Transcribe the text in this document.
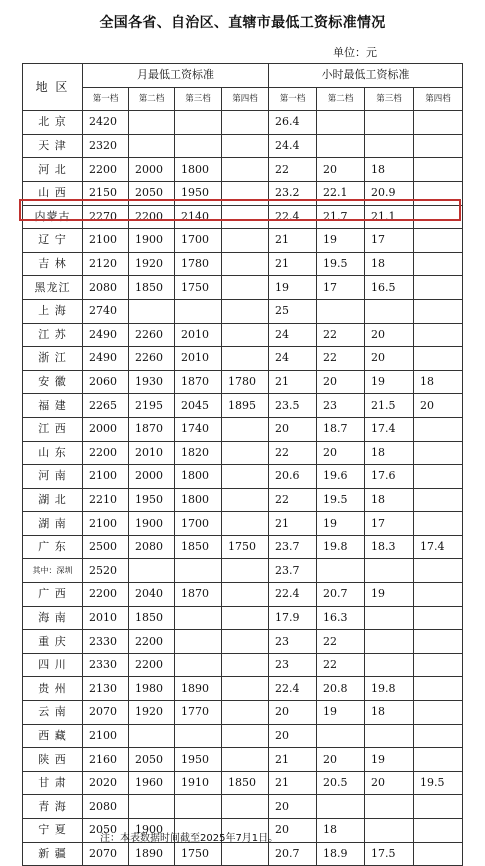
全国各省、自治区、直辖市最低工资标准情况
单位：元
地 区	月最低工资标准				小时最低工资标准			
	第一档	第二档	第三档	第四档	第一档	第二档	第三档	第四档
北 京	2420				26.4			
天 津	2320				24.4			
河 北	2200	2000	1800		22	20	18	
山 西	2150	2050	1950		23.2	22.1	20.9	
内蒙古	2270	2200	2140		22.4	21.7	21.1	
辽 宁	2100	1900	1700		21	19	17	
吉 林	2120	1920	1780		21	19.5	18	
黑龙江	2080	1850	1750		19	17	16.5	
上 海	2740				25			
江 苏	2490	2260	2010		24	22	20	
浙 江	2490	2260	2010		24	22	20	
安 徽	2060	1930	1870	1780	21	20	19	18
福 建	2265	2195	2045	1895	23.5	23	21.5	20
江 西	2000	1870	1740		20	18.7	17.4	
山 东	2200	2010	1820		22	20	18	
河 南	2100	2000	1800		20.6	19.6	17.6	
湖 北	2210	1950	1800		22	19.5	18	
湖 南	2100	1900	1700		21	19	17	
广 东	2500	2080	1850	1750	23.7	19.8	18.3	17.4
其中：深圳	2520				23.7			
广 西	2200	2040	1870		22.4	20.7	19	
海 南	2010	1850			17.9	16.3		
重 庆	2330	2200			23	22		
四 川	2330	2200			23	22		
贵 州	2130	1980	1890		22.4	20.8	19.8	
云 南	2070	1920	1770		20	19	18	
西 藏	2100				20			
陕 西	2160	2050	1950		21	20	19	
甘 肃	2020	1960	1910	1850	21	20.5	20	19.5
青 海	2080				20			
宁 夏	2050	1900			20	18		
新 疆	2070	1890	1750		20.7	18.9	17.5	
注：本表数据时间截至2025年7月1日。
